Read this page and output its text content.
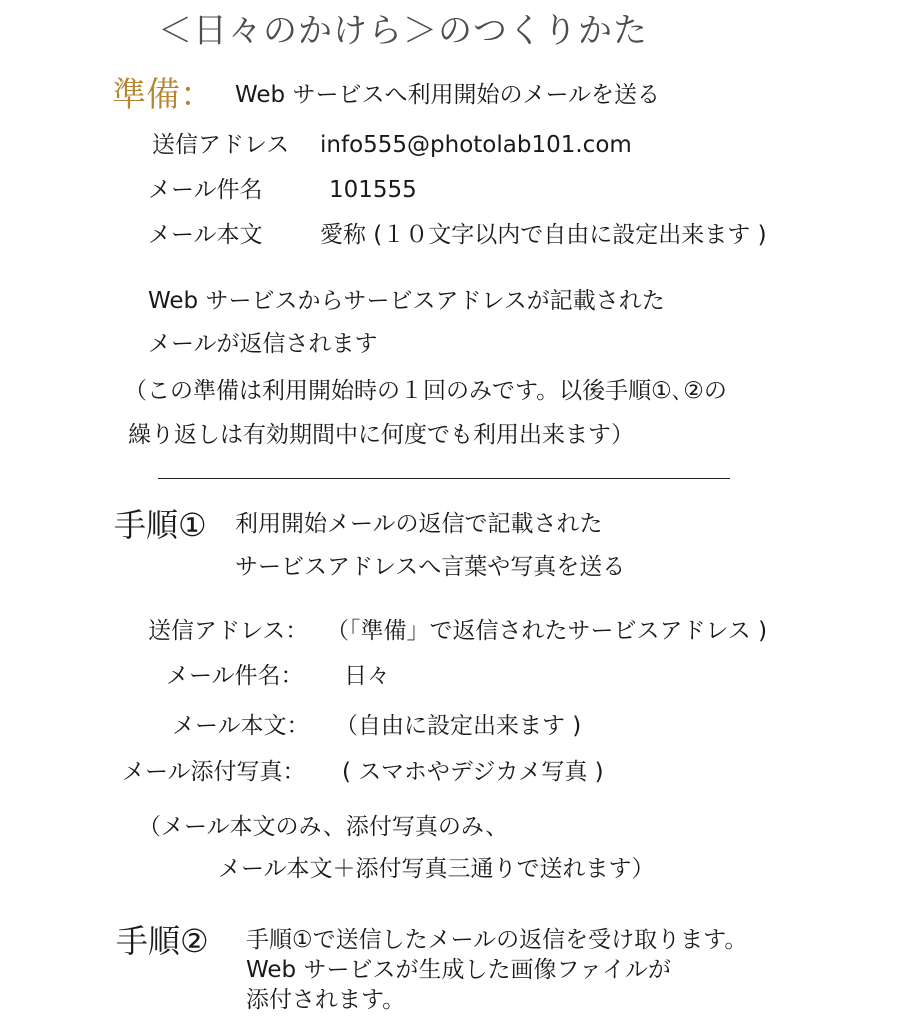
＜日々のかけら＞のつくりかた
準備： Web サービスへ利用開始のメールを送る
送信アドレス info555@photolab101.com
メール件名	101555
メール本文 愛称 (１０文字以内で自由に設定出来ます )
Web サービスからサービスアドレスが記載された
メールが返信されます
（この準備は利用開始時の１回のみです。以後手順①､②の
繰り返しは有効期間中に何度でも利用出来ます）
手順① 利用開始メールの返信で記載された
サービスアドレスへ言葉や写真を送る
送信アドレス： （「準備」で返信されたサービスアドレス )
メール件名： 日々
メール本文： （自由に設定出来ます )
メール添付写真： ( スマホやデジカメ写真 )
（メール本文のみ、添付写真のみ、
メール本文＋添付写真三通りで送れます）
手順② 手順①で送信したメールの返信を受け取ります。
Web サービスが生成した画像ファイルが
添付されます。
